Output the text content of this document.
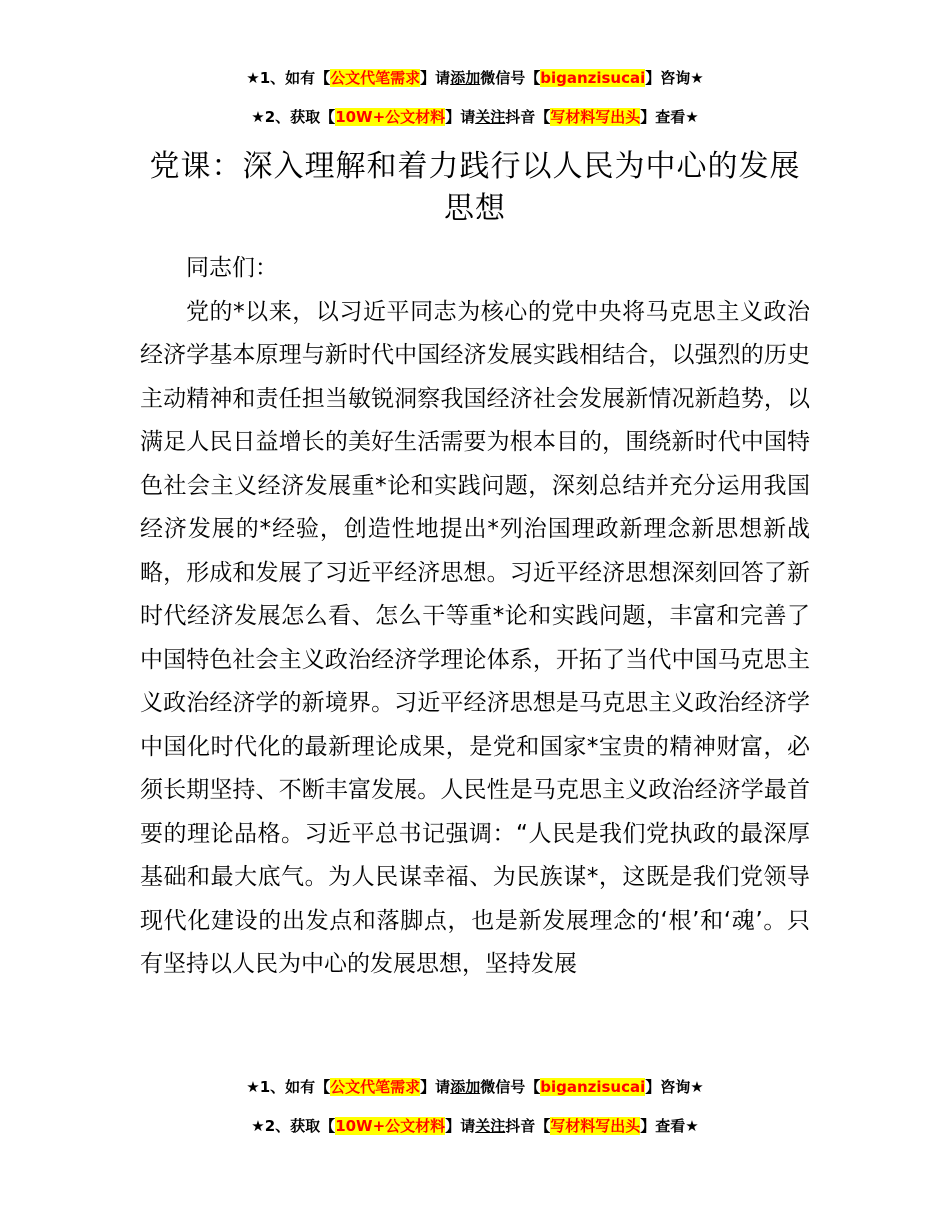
★1、如有【公文代笔需求】请添加微信号【biganzisucai】咨询★
★2、获取【10W+公文材料】请关注抖音【写材料写出头】查看★
党课：深入理解和着力践行以人民为中心的发展思想

同志们：

党的*以来，以习近平同志为核心的党中央将马克思主义政治经济学基本原理与新时代中国经济发展实践相结合，以强烈的历史主动精神和责任担当敏锐洞察我国经济社会发展新情况新趋势，以满足人民日益增长的美好生活需要为根本目的，围绕新时代中国特色社会主义经济发展重*论和实践问题，深刻总结并充分运用我国经济发展的*经验，创造性地提出*列治国理政新理念新思想新战略，形成和发展了习近平经济思想。习近平经济思想深刻回答了新时代经济发展怎么看、怎么干等重*论和实践问题，丰富和完善了中国特色社会主义政治经济学理论体系，开拓了当代中国马克思主义政治经济学的新境界。习近平经济思想是马克思主义政治经济学中国化时代化的最新理论成果，是党和国家*宝贵的精神财富，必须长期坚持、不断丰富发展。人民性是马克思主义政治经济学最首要的理论品格。习近平总书记强调：“人民是我们党执政的最深厚基础和最大底气。为人民谋幸福、为民族谋*，这既是我们党领导现代化建设的出发点和落脚点，也是新发展理念的‘根’和‘魂’。只有坚持以人民为中心的发展思想，坚持发展

★1、如有【公文代笔需求】请添加微信号【biganzisucai】咨询★
★2、获取【10W+公文材料】请关注抖音【写材料写出头】查看★
